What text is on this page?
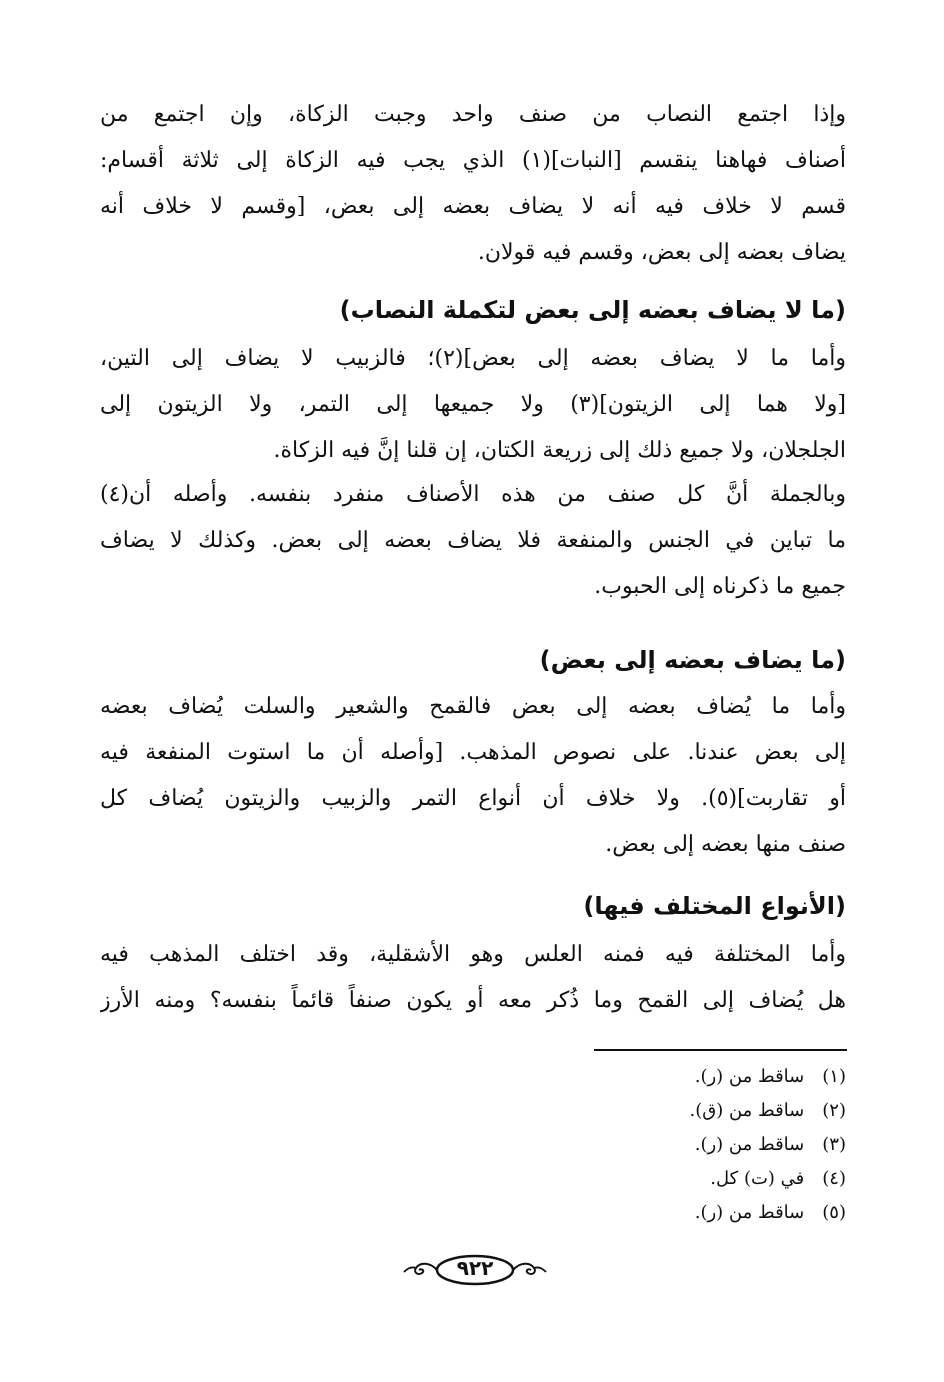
وإذا اجتمع النصاب من صنف واحد وجبت الزكاة، وإن اجتمع من
أصناف فهاهنا ينقسم [النبات](١) الذي يجب فيه الزكاة إلى ثلاثة أقسام:
قسم لا خلاف فيه أنه لا يضاف بعضه إلى بعض، [وقسم لا خلاف أنه
يضاف بعضه إلى بعض، وقسم فيه قولان.
(ما لا يضاف بعضه إلى بعض لتكملة النصاب)
وأما ما لا يضاف بعضه إلى بعض](٢)؛ فالزبيب لا يضاف إلى التين،
[ولا هما إلى الزيتون](٣) ولا جميعها إلى التمر، ولا الزيتون إلى
الجلجلان، ولا جميع ذلك إلى زريعة الكتان، إن قلنا إنَّ فيه الزكاة.
وبالجملة أنَّ كل صنف من هذه الأصناف منفرد بنفسه. وأصله أن(٤)
ما تباين في الجنس والمنفعة فلا يضاف بعضه إلى بعض. وكذلك لا يضاف
جميع ما ذكرناه إلى الحبوب.
(ما يضاف بعضه إلى بعض)
وأما ما يُضاف بعضه إلى بعض فالقمح والشعير والسلت يُضاف بعضه
إلى بعض عندنا. على نصوص المذهب. [وأصله أن ما استوت المنفعة فيه
أو تقاربت](٥). ولا خلاف أن أنواع التمر والزبيب والزيتون يُضاف كل
صنف منها بعضه إلى بعض.
(الأنواع المختلف فيها)
وأما المختلفة فيه فمنه العلس وهو الأشقلية، وقد اختلف المذهب فيه
هل يُضاف إلى القمح وما ذُكر معه أو يكون صنفاً قائماً بنفسه؟ ومنه الأرز
(١) ساقط من (ر).
(٢) ساقط من (ق).
(٣) ساقط من (ر).
(٤) في (ت) كل.
(٥) ساقط من (ر).
٩٢٢
